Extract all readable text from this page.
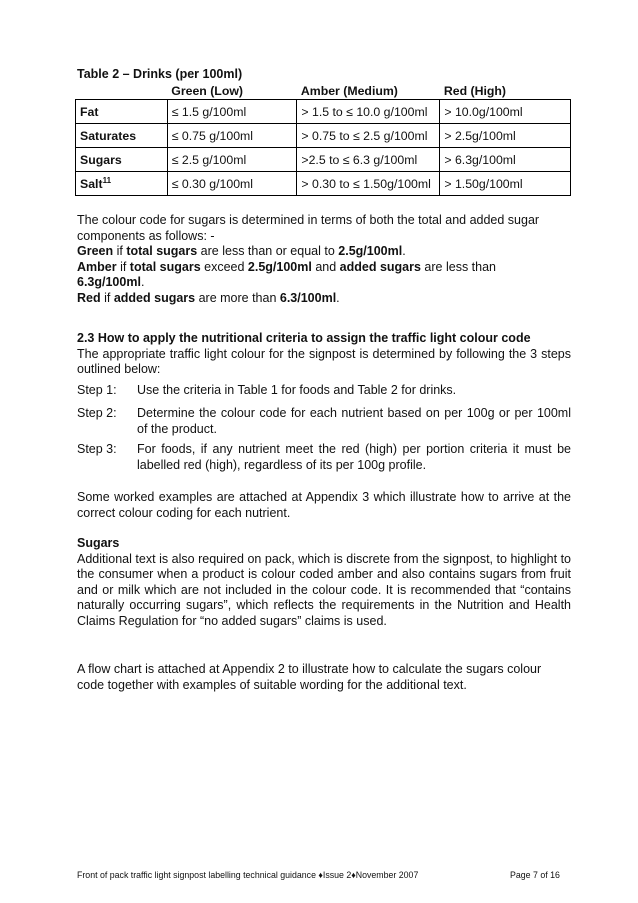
Table 2 – Drinks (per 100ml)
	Green (Low)	Amber (Medium)	Red (High)
Fat	≤ 1.5 g/100ml	> 1.5 to ≤ 10.0 g/100ml	> 10.0g/100ml
Saturates	≤ 0.75 g/100ml	> 0.75 to ≤ 2.5 g/100ml	> 2.5g/100ml
Sugars	≤ 2.5 g/100ml	>2.5 to ≤ 6.3 g/100ml	> 6.3g/100ml
Salt$^{11}$	≤ 0.30 g/100ml	> 0.30 to ≤ 1.50g/100ml	> 1.50g/100ml
The colour code for sugars is determined in terms of both the total and added sugar components as follows: -
Green if total sugars are less than or equal to 2.5g/100ml.
Amber if total sugars exceed 2.5g/100ml and added sugars are less than 6.3g/100ml.
Red if added sugars are more than 6.3/100ml.
2.3 How to apply the nutritional criteria to assign the traffic light colour code
The appropriate traffic light colour for the signpost is determined by following the 3 steps outlined below:
Step 1:	Use the criteria in Table 1 for foods and Table 2 for drinks.
Step 2:	Determine the colour code for each nutrient based on per 100g or per 100ml of the product.
Step 3:	For foods, if any nutrient meet the red (high) per portion criteria it must be labelled red (high), regardless of its per 100g profile.
Some worked examples are attached at Appendix 3 which illustrate how to arrive at the correct colour coding for each nutrient.
Sugars
Additional text is also required on pack, which is discrete from the signpost, to highlight to the consumer when a product is colour coded amber and also contains sugars from fruit and or milk which are not included in the colour code. It is recommended that “contains naturally occurring sugars”, which reflects the requirements in the Nutrition and Health Claims Regulation for “no added sugars” claims is used.
A flow chart is attached at Appendix 2 to illustrate how to calculate the sugars colour code together with examples of suitable wording for the additional text.
Front of pack traffic light signpost labelling technical guidance ♦Issue 2♦November 2007	Page 7 of 16
